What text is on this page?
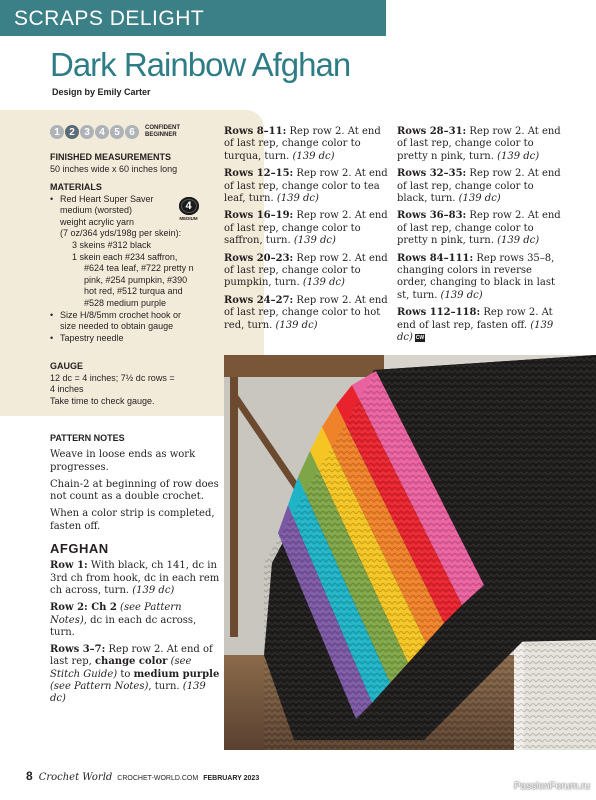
SCRAPS DELIGHT
Dark Rainbow Afghan
Design by Emily Carter
1 2 3 4 5 6	CONFIDENT
BEGINNER
FINISHED MEASUREMENTS

50 inches wide x 60 inches long

MATERIALS
• Red Heart Super Saver
medium (worsted)
weight acrylic yarn
(7 oz/364 yds/198g per skein):
3 skeins #312 black
1 skein each #234 saffron,
#624 tea leaf, #722 pretty n
pink, #254 pumpkin, #390
hot red, #512 turqua and
#528 medium purple
• Size H/8/5mm crochet hook or
size needed to obtain gauge
• Tapestry needle
4
MEDIUM
GAUGE

12 dc = 4 inches; 7½ dc rows =

4 inches

Take time to check gauge.

PATTERN NOTES

Weave in loose ends as work progresses.

Chain-2 at beginning of row does not count as a double crochet.

When a color strip is completed, fasten off.

AFGHAN

Row 1: With black, ch 141, dc in 3rd ch from hook, dc in each rem ch across, turn. (139 dc)

Row 2: Ch 2 (see Pattern Notes), dc in each dc across, turn.

Rows 3–7: Rep row 2. At end of last rep, change color (see Stitch Guide) to medium purple (see Pattern Notes), turn. (139 dc)

Rows 8–11: Rep row 2. At end of last rep, change color to turqua, turn. (139 dc)

Rows 12–15: Rep row 2. At end of last rep, change color to tea leaf, turn. (139 dc)

Rows 16–19: Rep row 2. At end of last rep, change color to saffron, turn. (139 dc)

Rows 20–23: Rep row 2. At end of last rep, change color to pumpkin, turn. (139 dc)

Rows 24–27: Rep row 2. At end of last rep, change color to hot red, turn. (139 dc)

Rows 28–31: Rep row 2. At end of last rep, change color to pretty n pink, turn. (139 dc)

Rows 32–35: Rep row 2. At end of last rep, change color to black, turn. (139 dc)

Rows 36–83: Rep row 2. At end of last rep, change color to pretty n pink, turn. (139 dc)

Rows 84–111: Rep rows 35–8, changing colors in reverse order, changing to black in last st, turn. (139 dc)

Rows 112–118: Rep row 2. At end of last rep, fasten off. (139 dc) CW

8 Crochet World CROCHET-WORLD.COM FEBRUARY 2023
PassionForum.ru
